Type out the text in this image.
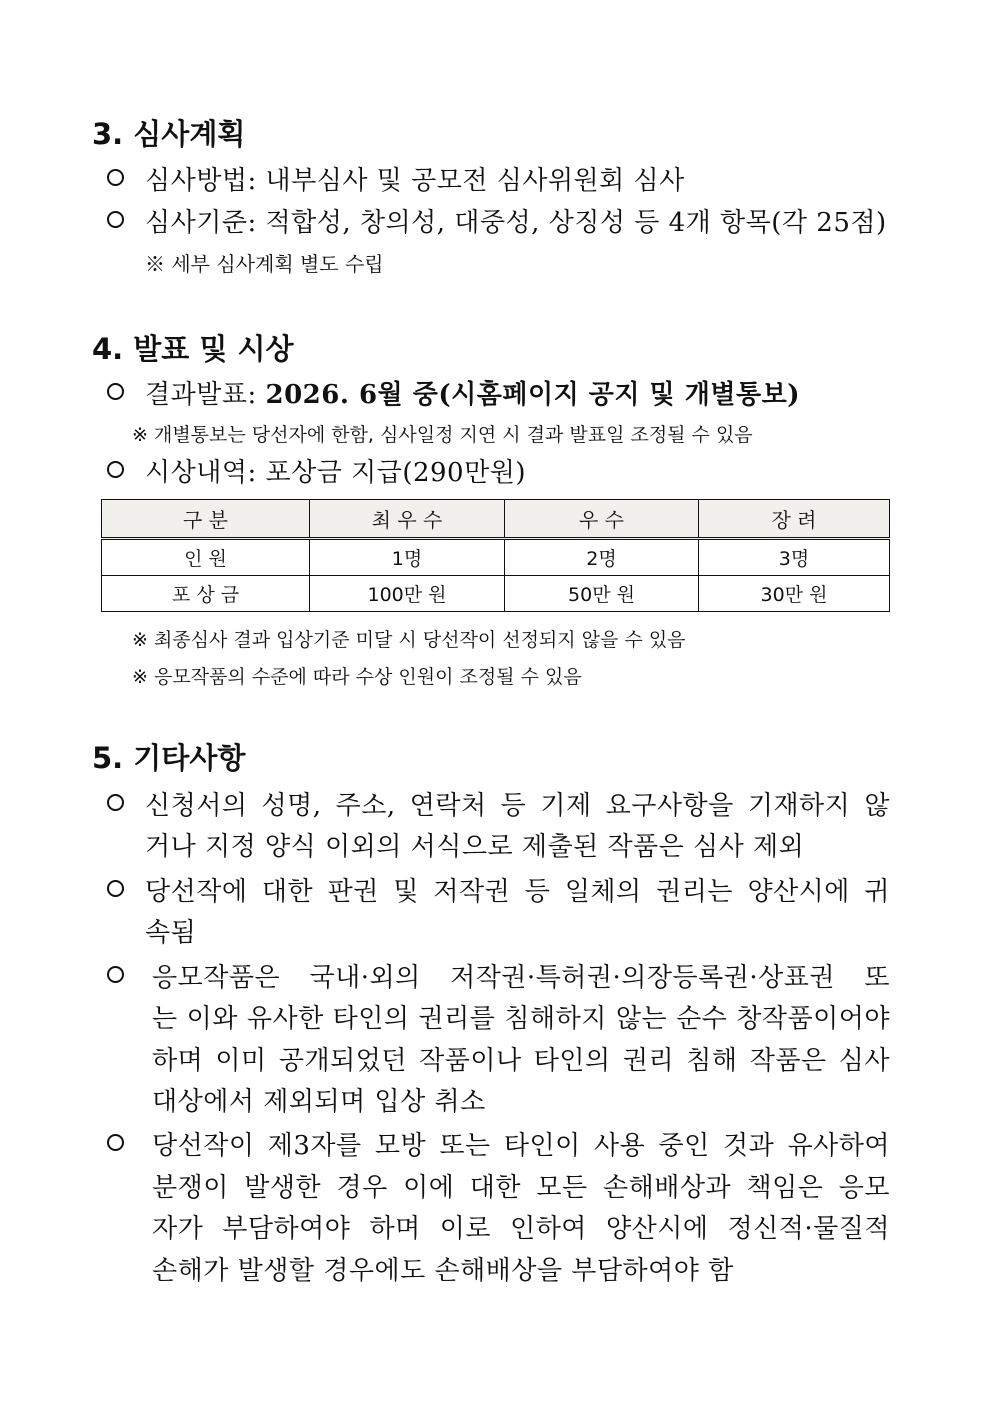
3. 심사계획
심사방법: 내부심사 및 공모전 심사위원회 심사
심사기준: 적합성, 창의성, 대중성, 상징성 등 4개 항목(각 25점)
※ 세부 심사계획 별도 수립
4. 발표 및 시상
결과발표: 2026. 6월 중(시홈페이지 공지 및 개별통보)
※ 개별통보는 당선자에 한함, 심사일정 지연 시 결과 발표일 조정될 수 있음
시상내역: 포상금 지급(290만원)
구 분	최 우 수	우 수	장 려
인 원	1명	2명	3명
포 상 금	100만 원	50만 원	30만 원
※ 최종심사 결과 입상기준 미달 시 당선작이 선정되지 않을 수 있음
※ 응모작품의 수준에 따라 수상 인원이 조정될 수 있음
5. 기타사항
신청서의 성명, 주소, 연락처 등 기제 요구사항을 기재하지 않
거나 지정 양식 이외의 서식으로 제출된 작품은 심사 제외
당선작에 대한 판권 및 저작권 등 일체의 권리는 양산시에 귀
속됨
응모작품은 국내·외의 저작권·특허권·의장등록권·상표권 또
는 이와 유사한 타인의 권리를 침해하지 않는 순수 창작품이어야
하며 이미 공개되었던 작품이나 타인의 권리 침해 작품은 심사
대상에서 제외되며 입상 취소
당선작이 제3자를 모방 또는 타인이 사용 중인 것과 유사하여
분쟁이 발생한 경우 이에 대한 모든 손해배상과 책임은 응모
자가 부담하여야 하며 이로 인하여 양산시에 정신적·물질적
손해가 발생할 경우에도 손해배상을 부담하여야 함
